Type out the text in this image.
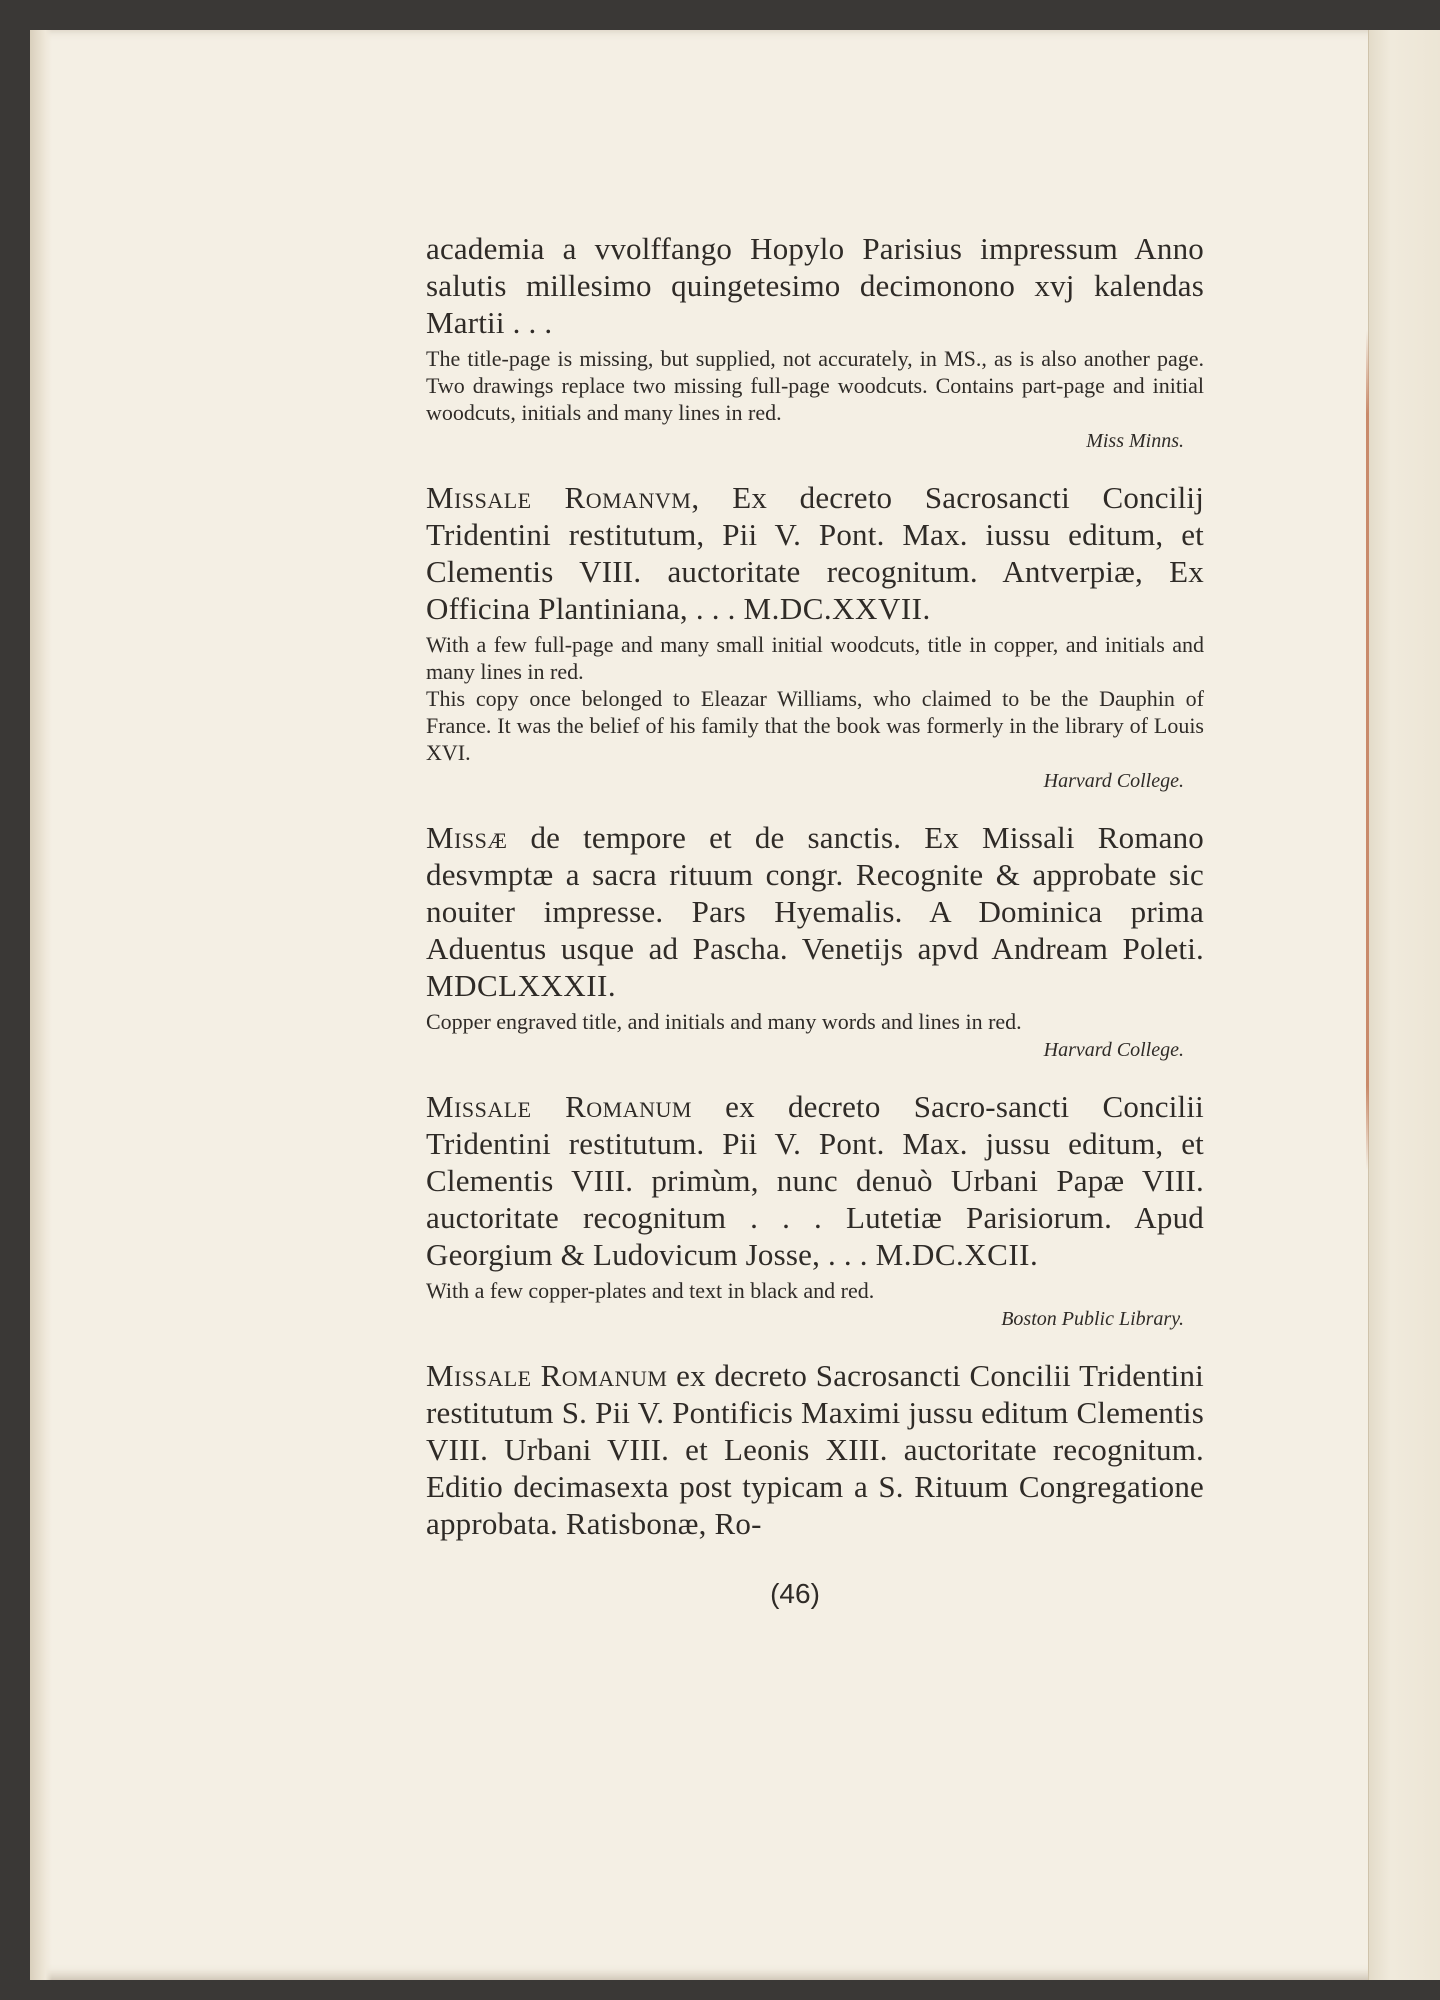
academia a vvolffango Hopylo Parisius impressum Anno salutis millesimo quingetesimo decimonono xvj kalendas Martii . . .

The title-page is missing, but supplied, not accurately, in MS., as is also another page. Two drawings replace two missing full-page woodcuts. Contains part-page and initial woodcuts, initials and many lines in red.

Miss Minns.

Missale Romanvm, Ex decreto Sacrosancti Concilij Tridentini restitutum, Pii V. Pont. Max. iussu editum, et Clementis VIII. auctoritate recognitum. Antverpiæ, Ex Officina Plantiniana, . . . M.DC.XXVII.

With a few full-page and many small initial woodcuts, title in copper, and initials and many lines in red.

This copy once belonged to Eleazar Williams, who claimed to be the Dauphin of France. It was the belief of his family that the book was formerly in the library of Louis XVI.

Harvard College.

Missæ de tempore et de sanctis. Ex Missali Romano desvmptæ a sacra rituum congr. Recognite & approbate sic nouiter impresse. Pars Hyemalis. A Dominica prima Aduentus usque ad Pascha. Venetijs apvd Andream Poleti. MDCLXXXII.

Copper engraved title, and initials and many words and lines in red.

Harvard College.

Missale Romanum ex decreto Sacro-sancti Concilii Tridentini restitutum. Pii V. Pont. Max. jussu editum, et Clementis VIII. primùm, nunc denuò Urbani Papæ VIII. auctoritate recognitum . . . Lutetiæ Parisiorum. Apud Georgium & Ludovicum Josse, . . . M.DC.XCII.

With a few copper-plates and text in black and red.

Boston Public Library.

Missale Romanum ex decreto Sacrosancti Concilii Tridentini restitutum S. Pii V. Pontificis Maximi jussu editum Clementis VIII. Urbani VIII. et Leonis XIII. auctoritate recognitum. Editio decimasexta post typicam a S. Rituum Congregatione approbata. Ratisbonæ, Ro-

(46)
